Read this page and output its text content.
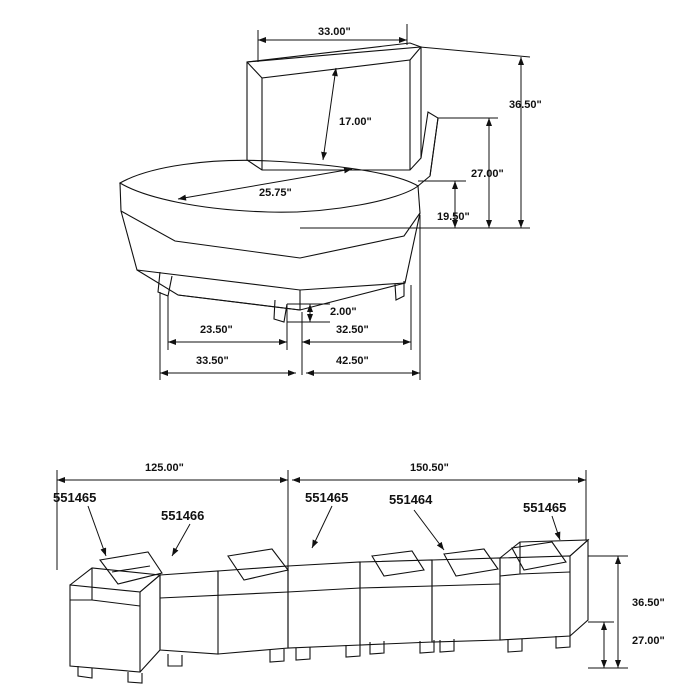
33.00"
17.00"
36.50"
25.75"
27.00"
19.50"
2.00"
23.50"	32.50"
33.50"	42.50"
125.00"	150.50"
36.50"
27.00"
551465
551466
551465	551464
551465
